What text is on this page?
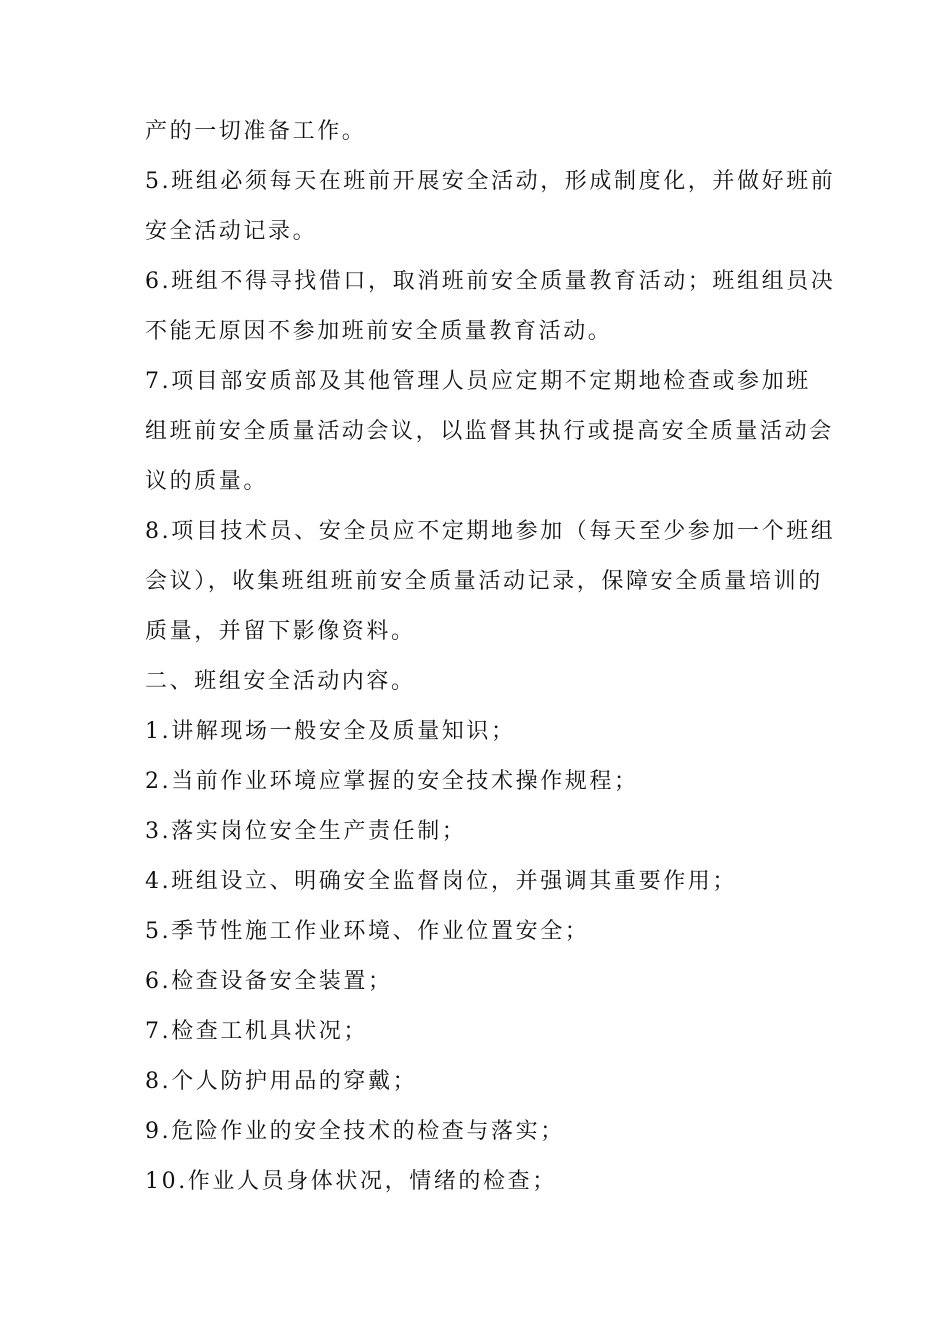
产的一切准备工作。
5.班组必须每天在班前开展安全活动，形成制度化，并做好班前
安全活动记录。
6.班组不得寻找借口，取消班前安全质量教育活动；班组组员决
不能无原因不参加班前安全质量教育活动。
7.项目部安质部及其他管理人员应定期不定期地检查或参加班
组班前安全质量活动会议，以监督其执行或提高安全质量活动会
议的质量。
8.项目技术员、安全员应不定期地参加（每天至少参加一个班组
会议），收集班组班前安全质量活动记录，保障安全质量培训的
质量，并留下影像资料。
二、班组安全活动内容。
1.讲解现场一般安全及质量知识；
2.当前作业环境应掌握的安全技术操作规程；
3.落实岗位安全生产责任制；
4.班组设立、明确安全监督岗位，并强调其重要作用；
5.季节性施工作业环境、作业位置安全；
6.检查设备安全装置；
7.检查工机具状况；
8.个人防护用品的穿戴；
9.危险作业的安全技术的检查与落实；
10.作业人员身体状况，情绪的检查；
